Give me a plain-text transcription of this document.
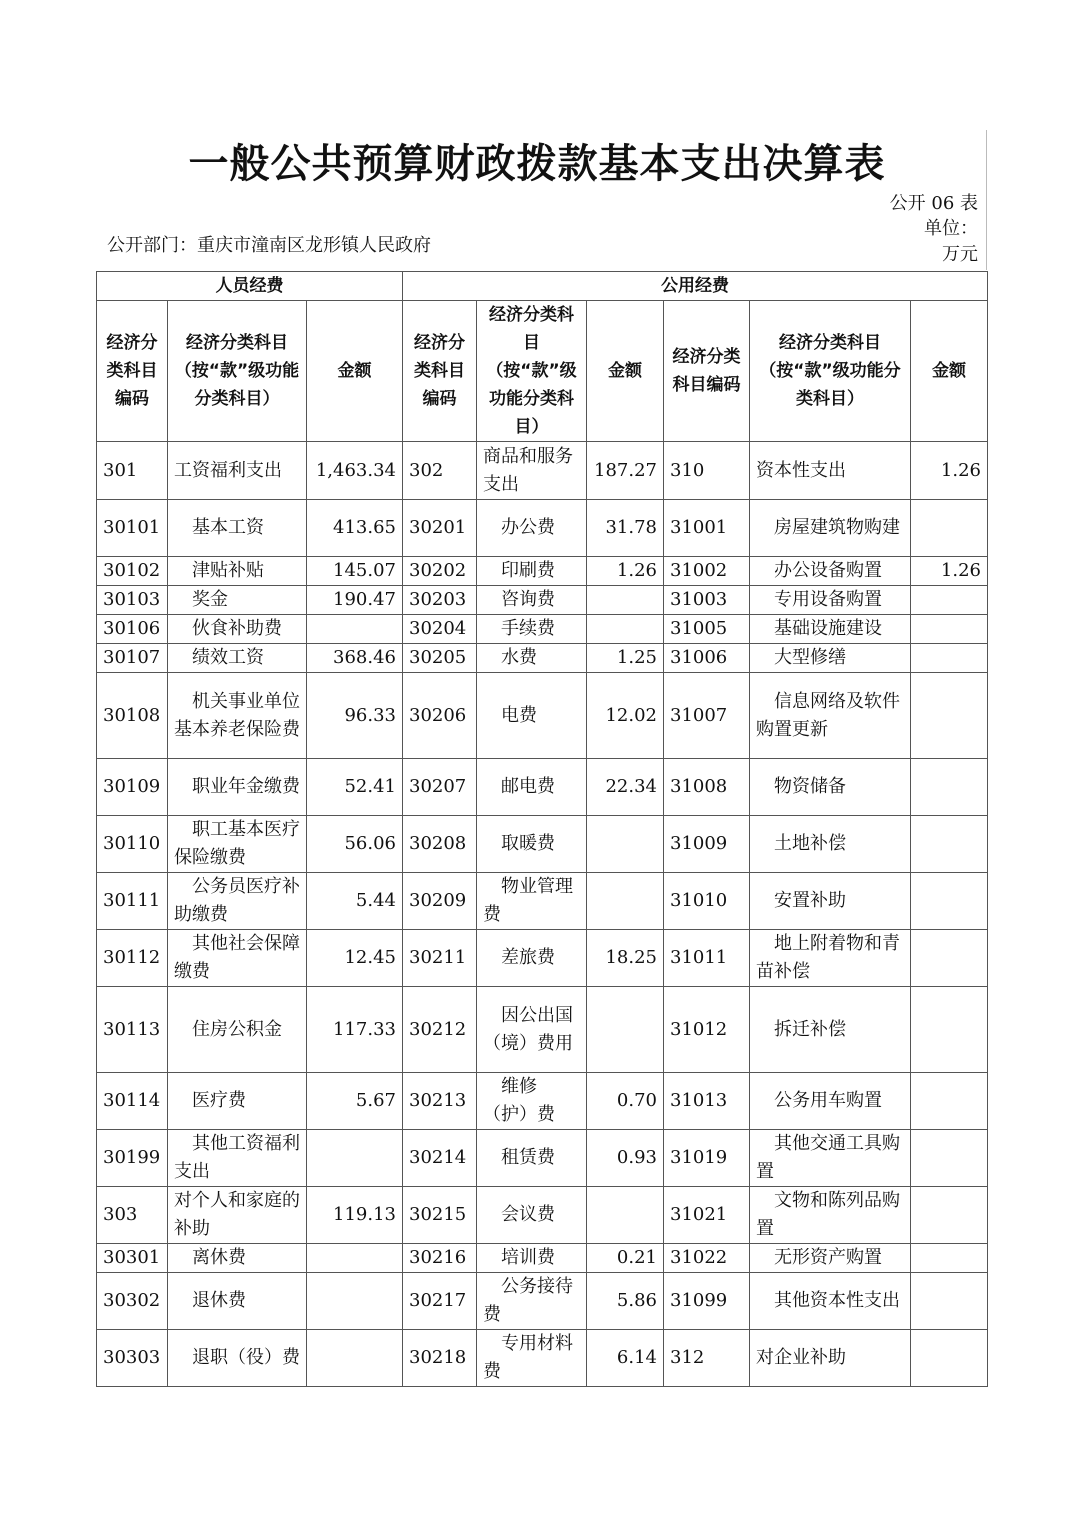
一般公共预算财政拨款基本支出决算表
公开 06 表
单位：万元
公开部门：重庆市潼南区龙形镇人民政府
人员经费			公用经费					
经济分类科目编码	经济分类科目（按“款”级功能分类科目）	金额	经济分类科目编码	经济分类科目（按“款”级功能分类科目）	金额	经济分类科目编码	经济分类科目（按“款”级功能分类科目）	金额
301	工资福利支出	1,463.34	302	商品和服务支出	187.27	310	资本性支出	1.26
30101	基本工资	413.65	30201	办公费	31.78	31001	房屋建筑物购建	
30102	津贴补贴	145.07	30202	印刷费	1.26	31002	办公设备购置	1.26
30103	奖金	190.47	30203	咨询费		31003	专用设备购置	
30106	伙食补助费		30204	手续费		31005	基础设施建设	
30107	绩效工资	368.46	30205	水费	1.25	31006	大型修缮	
30108	机关事业单位基本养老保险费	96.33	30206	电费	12.02	31007	信息网络及软件购置更新	
30109	职业年金缴费	52.41	30207	邮电费	22.34	31008	物资储备	
30110	职工基本医疗保险缴费	56.06	30208	取暖费		31009	土地补偿	
30111	公务员医疗补助缴费	5.44	30209	物业管理费		31010	安置补助	
30112	其他社会保障缴费	12.45	30211	差旅费	18.25	31011	地上附着物和青苗补偿	
30113	住房公积金	117.33	30212	因公出国（境）费用		31012	拆迁补偿	
30114	医疗费	5.67	30213	维修（护）费	0.70	31013	公务用车购置	
30199	其他工资福利支出		30214	租赁费	0.93	31019	其他交通工具购置	
303	对个人和家庭的补助	119.13	30215	会议费		31021	文物和陈列品购置	
30301	离休费		30216	培训费	0.21	31022	无形资产购置	
30302	退休费		30217	公务接待费	5.86	31099	其他资本性支出	
30303	退职（役）费		30218	专用材料费	6.14	312	对企业补助	
